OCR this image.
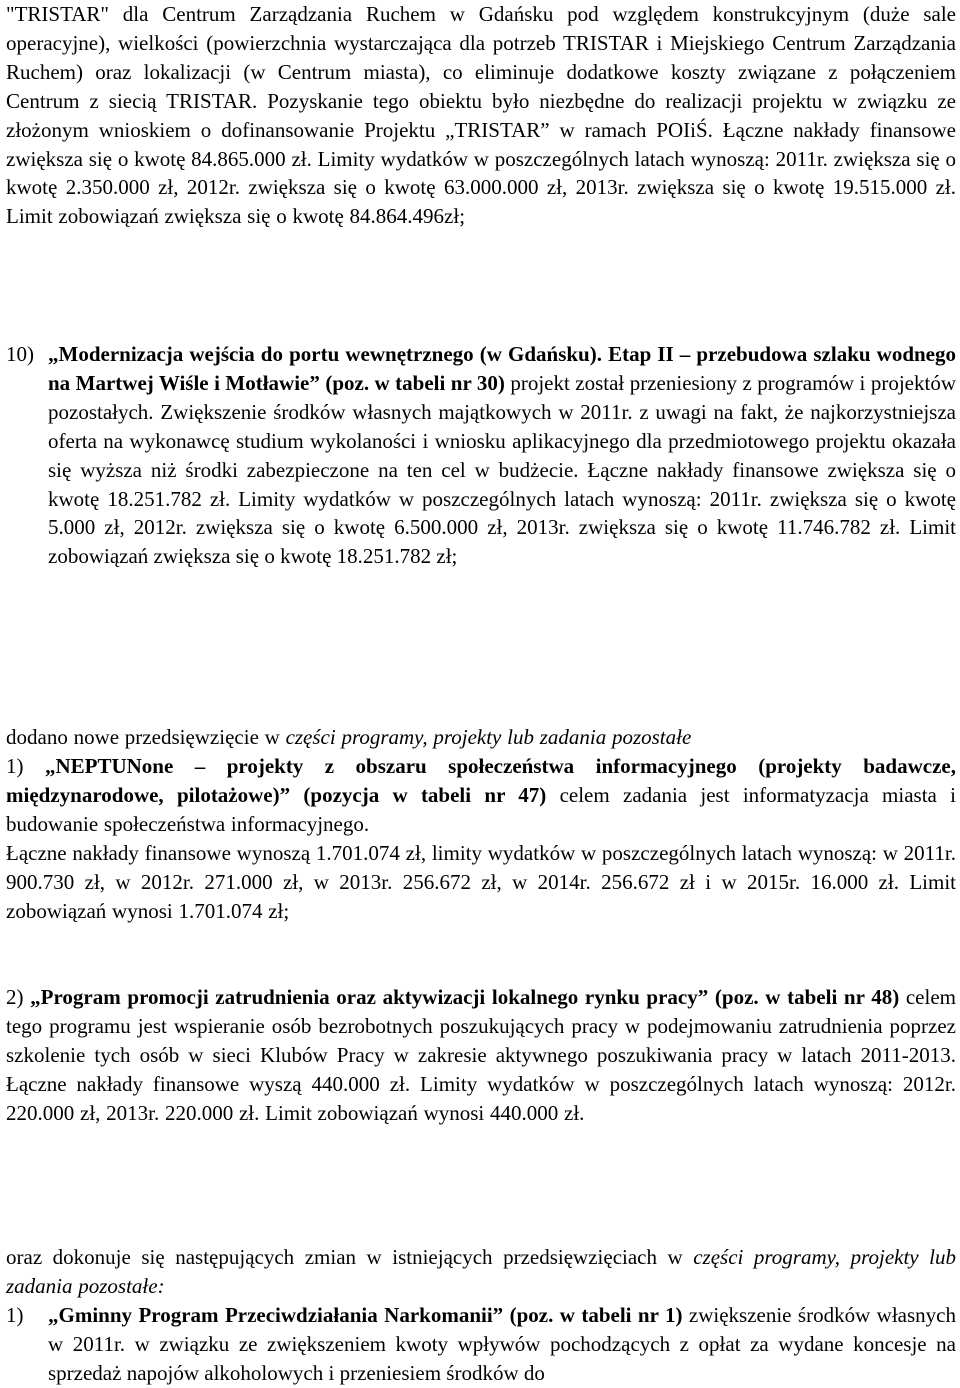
"TRISTAR" dla Centrum Zarządzania Ruchem w Gdańsku pod względem konstrukcyjnym (duże sale operacyjne), wielkości (powierzchnia wystarczająca dla potrzeb TRISTAR i Miejskiego Centrum Zarządzania Ruchem) oraz lokalizacji (w Centrum miasta), co eliminuje dodatkowe koszty związane z połączeniem Centrum z siecią TRISTAR. Pozyskanie tego obiektu było niezbędne do realizacji projektu w związku ze złożonym wnioskiem o dofinansowanie Projektu „TRISTAR” w ramach POIiŚ. Łączne nakłady finansowe zwiększa się o kwotę 84.865.000 zł. Limity wydatków w poszczególnych latach wynoszą: 2011r. zwiększa się o kwotę 2.350.000 zł, 2012r. zwiększa się o kwotę 63.000.000 zł, 2013r. zwiększa się o kwotę 19.515.000 zł. Limit zobowiązań zwiększa się o kwotę 84.864.496zł;

10) „Modernizacja wejścia do portu wewnętrznego (w Gdańsku). Etap II – przebudowa szlaku wodnego na Martwej Wiśle i Motławie” (poz. w tabeli nr 30) projekt został przeniesiony z programów i projektów pozostałych. Zwiększenie środków własnych majątkowych w 2011r. z uwagi na fakt, że najkorzystniejsza oferta na wykonawcę studium wykolaności i wniosku aplikacyjnego dla przedmiotowego projektu okazała się wyższa niż środki zabezpieczone na ten cel w budżecie. Łączne nakłady finansowe zwiększa się o kwotę 18.251.782 zł. Limity wydatków w poszczególnych latach wynoszą: 2011r. zwiększa się o kwotę 5.000 zł, 2012r. zwiększa się o kwotę 6.500.000 zł, 2013r. zwiększa się o kwotę 11.746.782 zł. Limit zobowiązań zwiększa się o kwotę 18.251.782 zł;

dodano nowe przedsięwzięcie w części programy, projekty lub zadania pozostałe

1) „NEPTUNone – projekty z obszaru społeczeństwa informacyjnego (projekty badawcze, międzynarodowe, pilotażowe)” (pozycja w tabeli nr 47) celem zadania jest informatyzacja miasta i budowanie społeczeństwa informacyjnego.

Łączne nakłady finansowe wynoszą 1.701.074 zł, limity wydatków w poszczególnych latach wynoszą: w 2011r. 900.730 zł, w 2012r. 271.000 zł, w 2013r. 256.672 zł, w 2014r. 256.672 zł i w 2015r. 16.000 zł. Limit zobowiązań wynosi 1.701.074 zł;

2) „Program promocji zatrudnienia oraz aktywizacji lokalnego rynku pracy” (poz. w tabeli nr 48) celem tego programu jest wspieranie osób bezrobotnych poszukujących pracy w podejmowaniu zatrudnienia poprzez szkolenie tych osób w sieci Klubów Pracy w zakresie aktywnego poszukiwania pracy w latach 2011-2013. Łączne nakłady finansowe wyszą 440.000 zł. Limity wydatków w poszczególnych latach wynoszą: 2012r. 220.000 zł, 2013r. 220.000 zł. Limit zobowiązań wynosi 440.000 zł.

oraz dokonuje się następujących zmian w istniejących przedsięwzięciach w części programy, projekty lub zadania pozostałe:

1) „Gminny Program Przeciwdziałania Narkomanii” (poz. w tabeli nr 1) zwiększenie środków własnych w 2011r. w związku ze zwiększeniem kwoty wpływów pochodzących z opłat za wydane koncesje na sprzedaż napojów alkoholowych i przeniesiem środków do
